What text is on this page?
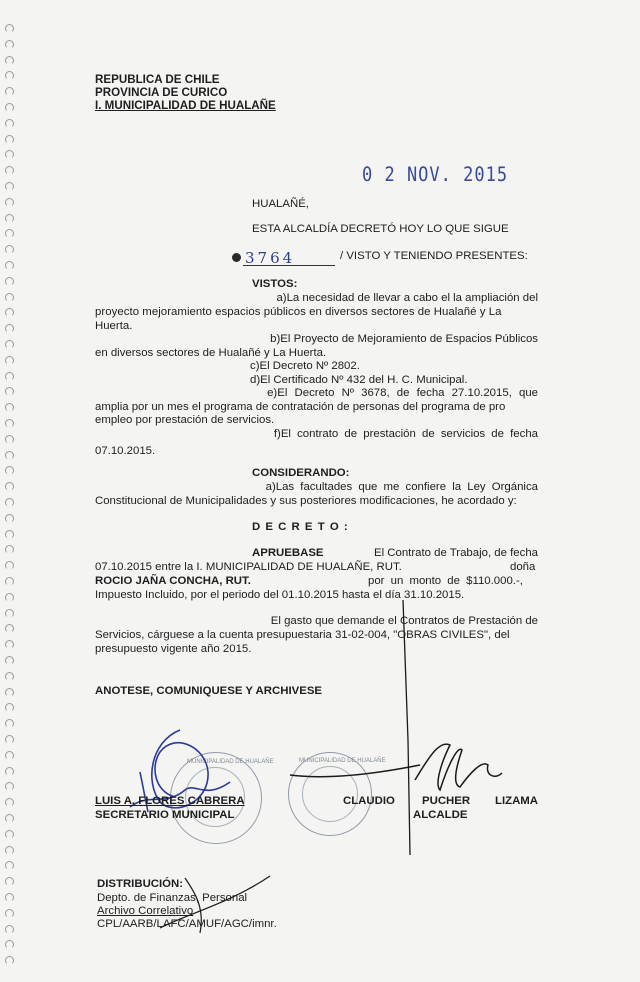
REPUBLICA DE CHILE
PROVINCIA DE CURICO
I. MUNICIPALIDAD DE HUALAÑE
0 2 NOV. 2015
HUALAÑÉ,
ESTA ALCALDÍA DECRETÓ HOY LO QUE SIGUE
3764	/ VISTO Y TENIENDO PRESENTES:
VISTOS:
a)La necesidad de llevar a cabo el la ampliación del
proyecto mejoramiento espacios públicos en diversos sectores de Hualañé y La
Huerta.
b)El Proyecto de Mejoramiento de Espacios Públicos
en diversos sectores de Hualañé y La Huerta.
c)El Decreto Nº 2802.
d)El Certificado Nº 432 del H. C. Municipal.
e)El Decreto Nº 3678, de fecha 27.10.2015, que
amplia por un mes el programa de contratación de personas del programa de pro
empleo por prestación de servicios.
f)El contrato de prestación de servicios de fecha
07.10.2015.
CONSIDERANDO:
a)Las facultades que me confiere la Ley Orgánica
Constitucional de Municipalidades y sus posteriores modificaciones, he acordado y:
D E C R E T O :
APRUEBASE	El Contrato de Trabajo, de fecha
07.10.2015 entre la I. MUNICIPALIDAD DE HUALAÑE, RUT.	doña
ROCIO JAÑA CONCHA, RUT.	por un monto de $110.000.-,
Impuesto Incluido, por el periodo del 01.10.2015 hasta el día 31.10.2015.
El gasto que demande el Contratos de Prestación de
Servicios, cárguese a la cuenta presupuestaria 31-02-004, "OBRAS CIVILES", del
presupuesto vigente año 2015.
ANOTESE, COMUNIQUESE Y ARCHIVESE
MUNICIPALIDAD DE HUALAÑE	MUNICIPALIDAD DE HUALAÑE
LUIS A. FLORES CABRERA
SECRETARIO MUNICIPAL
CLAUDIO PUCHER LIZAMA
ALCALDE
DISTRIBUCIÓN:
Depto. de Finanzas, Personal
Archivo Correlativo
CPL/AARB/LAFC/AMUF/AGC/imnr.
